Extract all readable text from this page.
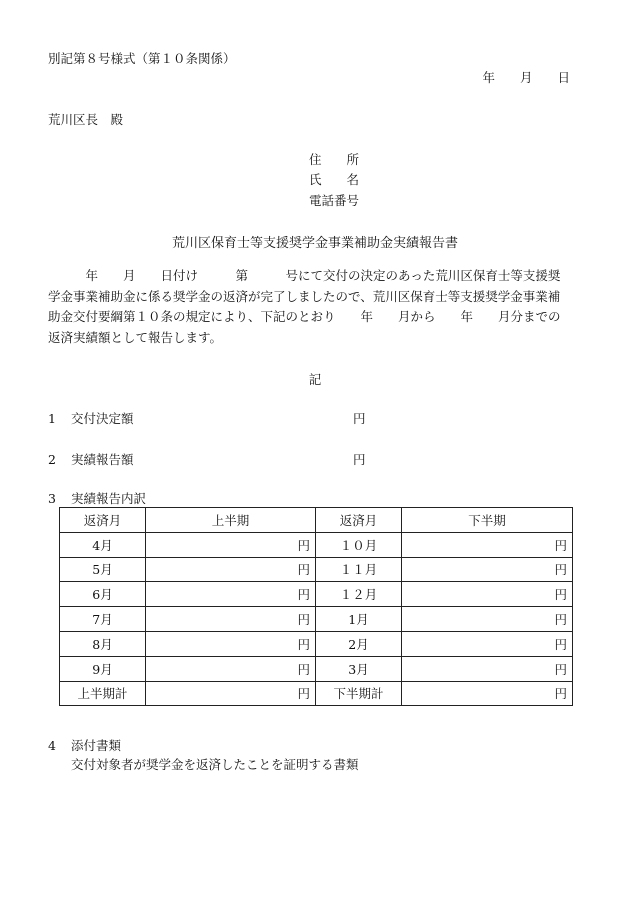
別記第８号様式（第１０条関係）
年　　月　　日
荒川区長　殿
住　　所
氏　　名
電話番号
荒川区保育士等支援奨学金事業補助金実績報告書
　　　年　　月　　日付け　　　第　　　号にて交付の決定のあった荒川区保育士等支援奨
学金事業補助金に係る奨学金の返済が完了しましたので、荒川区保育士等支援奨学金事業補
助金交付要綱第１０条の規定により、下記のとおり　　年　　月から　　年　　月分までの
返済実績額として報告します。
記
1 交付決定額	円
2 実績報告額	円
3 実績報告内訳
返済月	上半期	返済月	下半期
4月	円	１０月	円
5月	円	１１月	円
6月	円	１２月	円
7月	円	1月	円
8月	円	2月	円
9月	円	3月	円
上半期計	円	下半期計	円
4 添付書類
交付対象者が奨学金を返済したことを証明する書類
